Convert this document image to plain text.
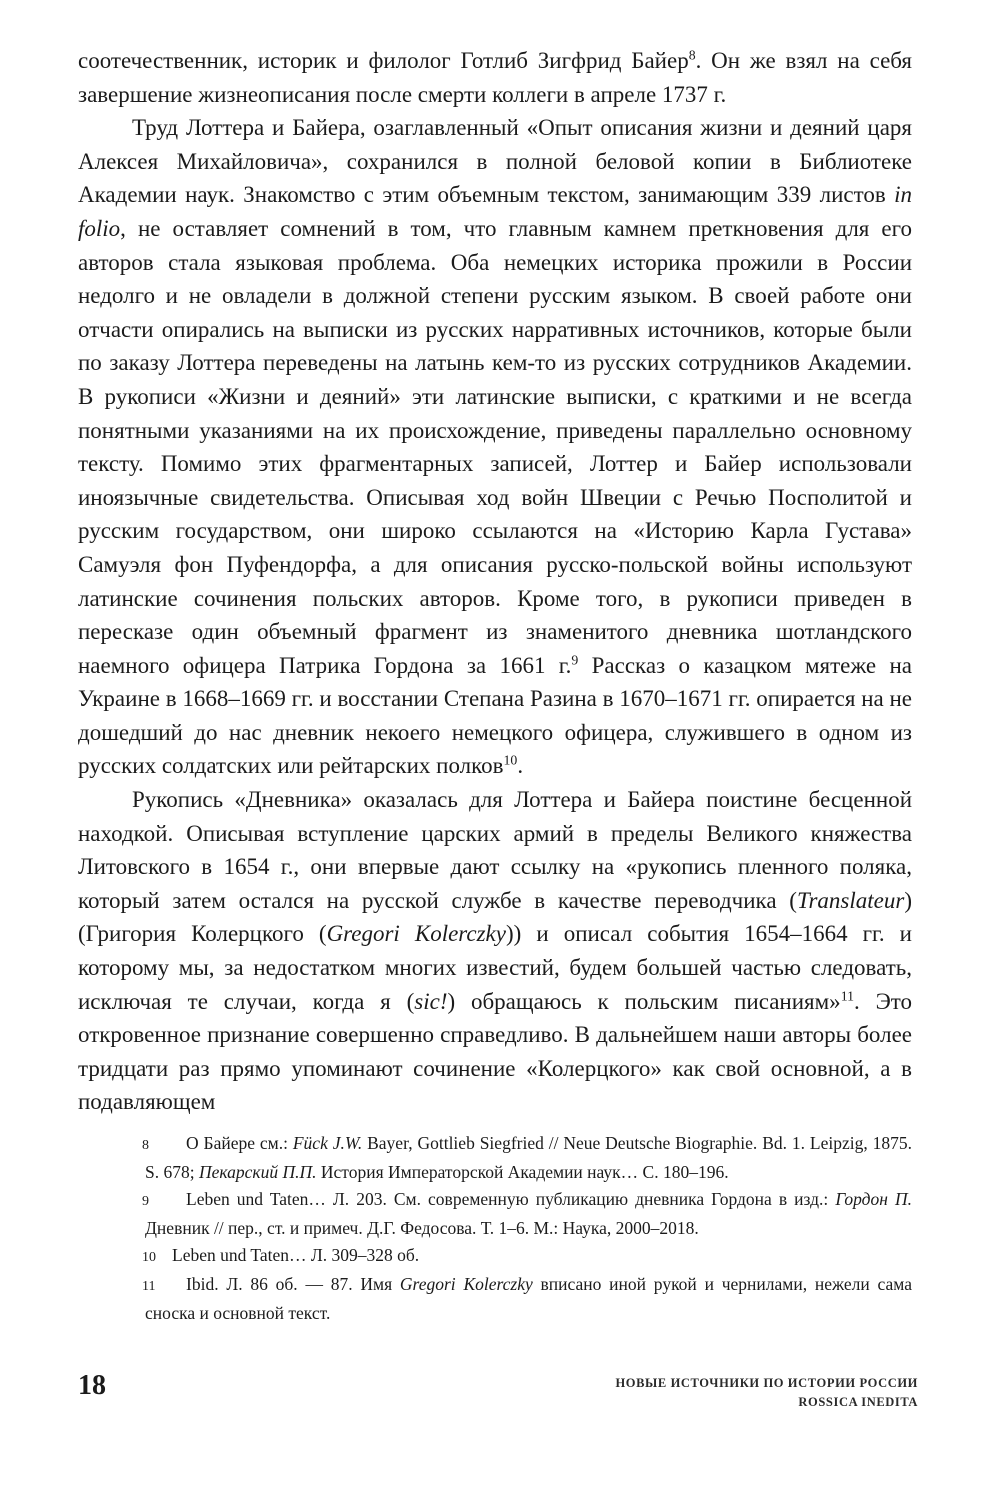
соотечественник, историк и филолог Готлиб Зигфрид Байер$^8$. Он же взял на себя завершение жизнеописания после смерти коллеги в апреле 1737 г.

Труд Лоттера и Байера, озаглавленный «Опыт описания жизни и деяний царя Алексея Михайловича», сохранился в полной беловой копии в Библиотеке Академии наук. Знакомство с этим объемным текстом, занимающим 339 листов in folio, не оставляет сомнений в том, что главным камнем преткновения для его авторов стала языковая проблема. Оба немецких историка прожили в России недолго и не овладели в должной степени русским языком. В своей работе они отчасти опирались на выписки из русских нарративных источников, которые были по заказу Лоттера переведены на латынь кем-то из русских сотрудников Академии. В рукописи «Жизни и деяний» эти латинские выписки, с краткими и не всегда понятными указаниями на их происхождение, приведены параллельно основному тексту. Помимо этих фрагментарных записей, Лоттер и Байер использовали иноязычные свидетельства. Описывая ход войн Швеции с Речью Посполитой и русским государством, они широко ссылаются на «Историю Карла Густава» Самуэля фон Пуфендорфа, а для описания русско-польской войны используют латинские сочинения польских авторов. Кроме того, в рукописи приведен в пересказе один объемный фрагмент из знаменитого дневника шотландского наемного офицера Патрика Гордона за 1661 г.$^9$ Рассказ о казацком мятеже на Украине в 1668–1669 гг. и восстании Степана Разина в 1670–1671 гг. опирается на не дошедший до нас дневник некоего немецкого офицера, служившего в одном из русских солдатских или рейтарских полков$^{10}$.

Рукопись «Дневника» оказалась для Лоттера и Байера поистине бесценной находкой. Описывая вступление царских армий в пределы Великого княжества Литовского в 1654 г., они впервые дают ссылку на «рукопись пленного поляка, который затем остался на русской службе в качестве переводчика (Translateur) (Григория Колерцкого (Gregori Kolerczky)) и описал события 1654–1664 гг. и которому мы, за недостатком многих известий, будем большей частью следовать, исключая те случаи, когда я (sic!) обращаюсь к польским писаниям»$^{11}$. Это откровенное признание совершенно справедливо. В дальнейшем наши авторы более тридцати раз прямо упоминают сочинение «Колерцкого» как свой основной, а в подавляющем

8 О Байере см.: Fück J.W. Bayer, Gottlieb Siegfried // Neue Deutsche Biographie. Bd. 1. Leipzig, 1875. S. 678; Пекарский П.П. История Императорской Академии наук… С. 180–196.

9 Leben und Taten… Л. 203. См. современную публикацию дневника Гордона в изд.: Гордон П. Дневник // пер., ст. и примеч. Д.Г. Федосова. Т. 1–6. М.: Наука, 2000–2018.

10 Leben und Taten… Л. 309–328 об.

11 Ibid. Л. 86 об. — 87. Имя Gregori Kolerczky вписано иной рукой и чернилами, нежели сама сноска и основной текст.

18	НОВЫЕ ИСТОЧНИКИ ПО ИСТОРИИ РОССИИ
ROSSICA INEDITA
